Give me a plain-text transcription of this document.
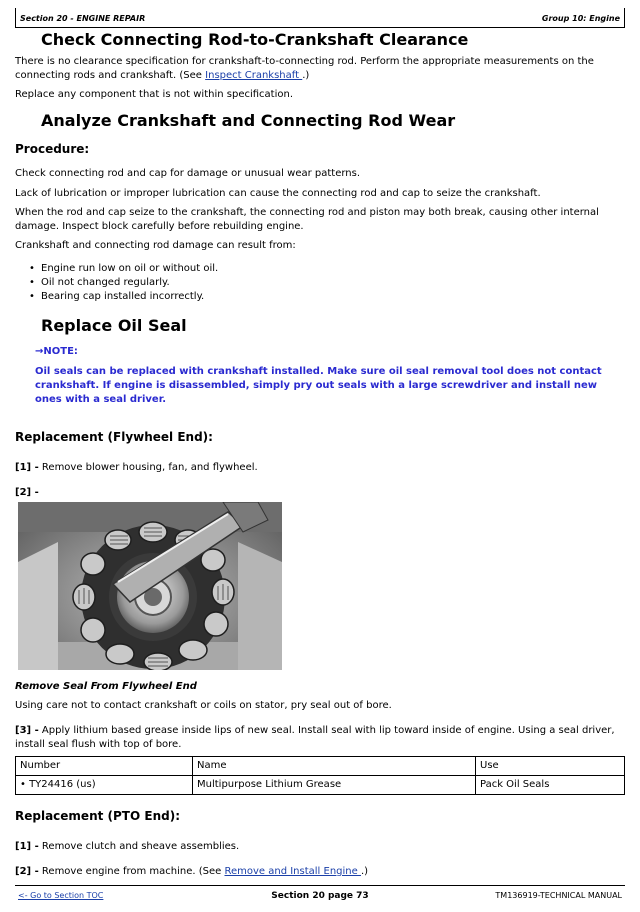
Section 20 - ENGINE REPAIR	Group 10: Engine
Check Connecting Rod-to-Crankshaft Clearance

There is no clearance specification for crankshaft-to-connecting rod. Perform the appropriate measurements on the connecting rods and crankshaft. (See Inspect Crankshaft .)

Replace any component that is not within specification.

Analyze Crankshaft and Connecting Rod Wear
Procedure:

Check connecting rod and cap for damage or unusual wear patterns.

Lack of lubrication or improper lubrication can cause the connecting rod and cap to seize the crankshaft.

When the rod and cap seize to the crankshaft, the connecting rod and piston may both break, causing other internal damage. Inspect block carefully before rebuilding engine.

Crankshaft and connecting rod damage can result from:

• Engine run low on oil or without oil.
• Oil not changed regularly.
• Bearing cap installed incorrectly.
Replace Oil Seal
→NOTE:

Oil seals can be replaced with crankshaft installed. Make sure oil seal removal tool does not contact crankshaft. If engine is disassembled, simply pry out seals with a large screwdriver and install new ones with a seal driver.

Replacement (Flywheel End):

[1] - Remove blower housing, fan, and flywheel.

[2] -

Remove Seal From Flywheel End

Using care not to contact crankshaft or coils on stator, pry seal out of bore.

[3] - Apply lithium based grease inside lips of new seal. Install seal with lip toward inside of engine. Using a seal driver, install seal flush with top of bore.

Number	Name	Use
• TY24416 (us)	Multipurpose Lithium Grease	Pack Oil Seals
Replacement (PTO End):

[1] - Remove clutch and sheave assemblies.

[2] - Remove engine from machine. (See Remove and Install Engine .)

<- Go to Section TOC	Section 20 page 73	TM136919-TECHNICAL MANUAL
